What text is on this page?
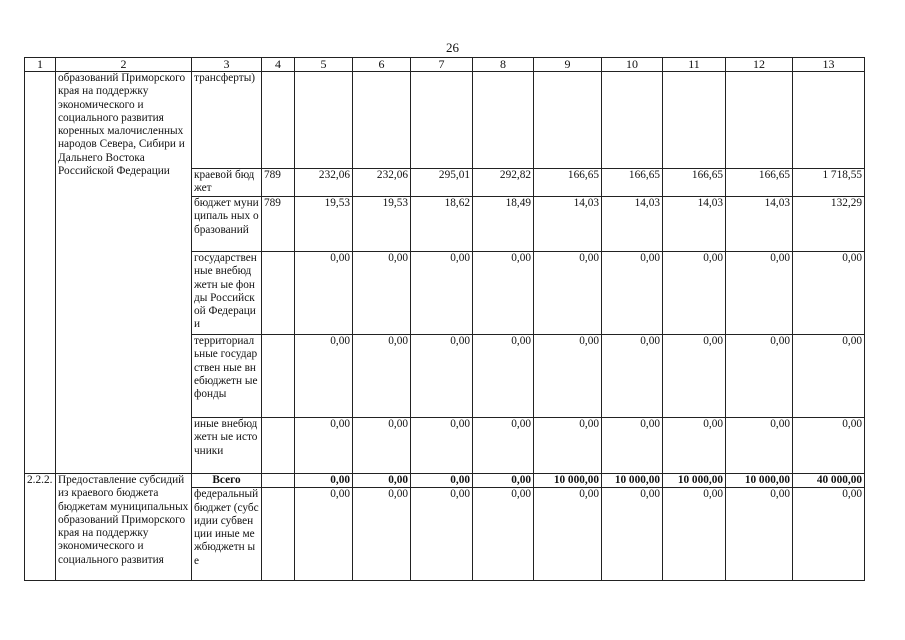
26
1	2	3	4	5	6	7	8	9	10	11	12	13
	образований Приморского края на поддержку экономического и социального развития коренных малочисленных народов Севера, Сибири и Дальнего Востока Российской Федерации	трансферты)										
		краевой бюджет	789	232,06	232,06	295,01	292,82	166,65	166,65	166,65	166,65	1 718,55
		бюджет муниципаль ных образований	789	19,53	19,53	18,62	18,49	14,03	14,03	14,03	14,03	132,29
		государствен ные внебюджетн ые фонды Российской Федерации		0,00	0,00	0,00	0,00	0,00	0,00	0,00	0,00	0,00
		территориал ьные государствен ные внебюджетн ые фонды		0,00	0,00	0,00	0,00	0,00	0,00	0,00	0,00	0,00
		иные внебюджетн ые источники		0,00	0,00	0,00	0,00	0,00	0,00	0,00	0,00	0,00
2.2.2.	Предоставление субсидий из краевого бюджета бюджетам муниципальных образований Приморского края на поддержку экономического и социального развития	Всего		0,00	0,00	0,00	0,00	10 000,00	10 000,00	10 000,00	10 000,00	40 000,00
		федеральный бюджет (субсидии субвенции иные межбюджетн ые		0,00	0,00	0,00	0,00	0,00	0,00	0,00	0,00	0,00
